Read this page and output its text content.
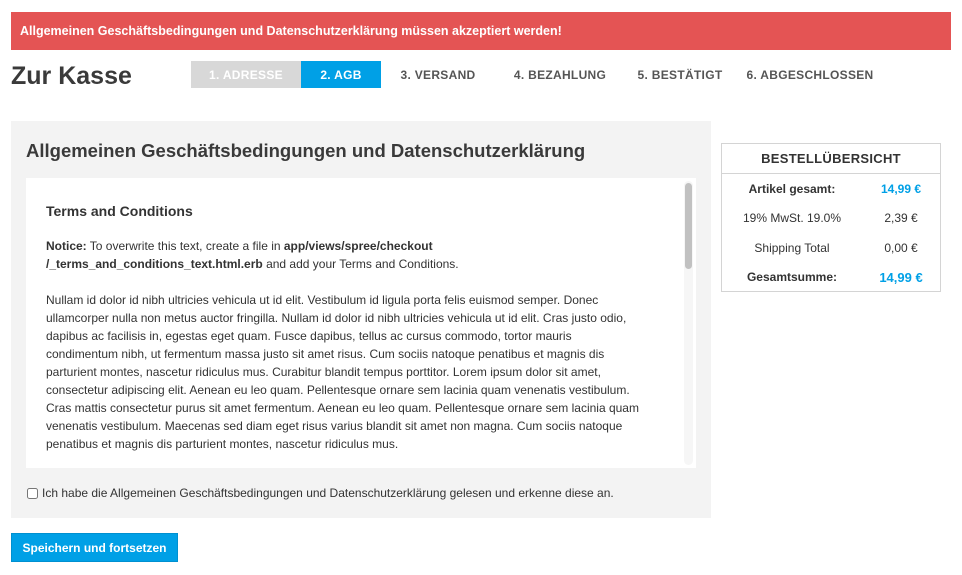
Allgemeinen Geschäftsbedingungen und Datenschutzerklärung müssen akzeptiert werden!
Zur Kasse	1. ADRESSE	2. AGB	3. VERSAND	4. BEZAHLUNG	5. BESTÄTIGT 6. ABGESCHLOSSEN
Allgemeinen Geschäftsbedingungen und Datenschutzerklärung
Terms and Conditions

Notice: To overwrite this text, create a file in app/views/spree/checkout /_terms_and_conditions_text.html.erb and add your Terms and Conditions.

Nullam id dolor id nibh ultricies vehicula ut id elit. Vestibulum id ligula porta felis euismod semper. Donec ullamcorper nulla non metus auctor fringilla. Nullam id dolor id nibh ultricies vehicula ut id elit. Cras justo odio, dapibus ac facilisis in, egestas eget quam. Fusce dapibus, tellus ac cursus commodo, tortor mauris condimentum nibh, ut fermentum massa justo sit amet risus. Cum sociis natoque penatibus et magnis dis parturient montes, nascetur ridiculus mus. Curabitur blandit tempus porttitor. Lorem ipsum dolor sit amet, consectetur adipiscing elit. Aenean eu leo quam. Pellentesque ornare sem lacinia quam venenatis vestibulum. Cras mattis consectetur purus sit amet fermentum. Aenean eu leo quam. Pellentesque ornare sem lacinia quam venenatis vestibulum. Maecenas sed diam eget risus varius blandit sit amet non magna. Cum sociis natoque penatibus et magnis dis parturient montes, nascetur ridiculus mus.

Ich habe die Allgemeinen Geschäftsbedingungen und Datenschutzerklärung gelesen und erkenne diese an.
BESTELLÜBERSICHT
Artikel gesamt:	14,99 €
19% MwSt. 19.0%	2,39 €
Shipping Total	0,00 €
Gesamtsumme:	14,99 €
Speichern und fortsetzen
